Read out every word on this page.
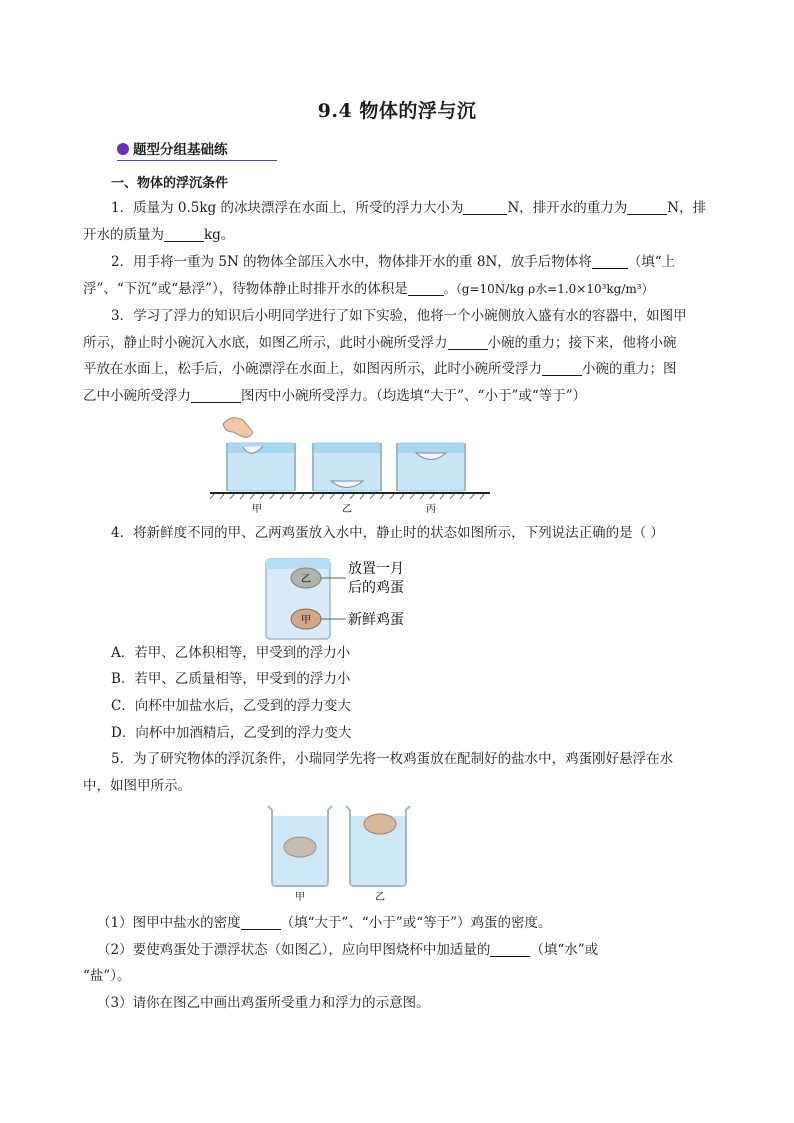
9.4 物体的浮与沉
题型分组基础练
一、物体的浮沉条件
1．质量为 0.5kg 的冰块漂浮在水面上，所受的浮力大小为	N，排开水的重力为	N，排
开水的质量为	kg。
2．用手将一重为 5N 的物体全部压入水中，物体排开水的重 8N，放手后物体将	（填“上
浮”、“下沉”或“悬浮”），待物体静止时排开水的体积是	。（g=10N/kg ρ水=1.0×10³kg/m³）
3．学习了浮力的知识后小明同学进行了如下实验，他将一个小碗侧放入盛有水的容器中，如图甲
所示，静止时小碗沉入水底，如图乙所示，此时小碗所受浮力	小碗的重力；接下来，他将小碗
平放在水面上，松手后，小碗漂浮在水面上，如图丙所示，此时小碗所受浮力	小碗的重力；图
乙中小碗所受浮力	图丙中小碗所受浮力。（均选填“大于”、“小于”或“等于”）
甲	乙	丙
4．将新鲜度不同的甲、乙两鸡蛋放入水中，静止时的状态如图所示，下列说法正确的是（ ）
乙
甲
放置一月
后的鸡蛋
新鲜鸡蛋
A．若甲、乙体积相等，甲受到的浮力小
B．若甲、乙质量相等，甲受到的浮力小
C．向杯中加盐水后，乙受到的浮力变大
D．向杯中加酒精后，乙受到的浮力变大
5．为了研究物体的浮沉条件，小瑞同学先将一枚鸡蛋放在配制好的盐水中，鸡蛋刚好悬浮在水
中，如图甲所示。
甲	乙
（1）图甲中盐水的密度	（填“大于”、“小于”或“等于”）鸡蛋的密度。
（2）要使鸡蛋处于漂浮状态（如图乙），应向甲图烧杯中加适量的	（填“水”或
“盐”）。
（3）请你在图乙中画出鸡蛋所受重力和浮力的示意图。
